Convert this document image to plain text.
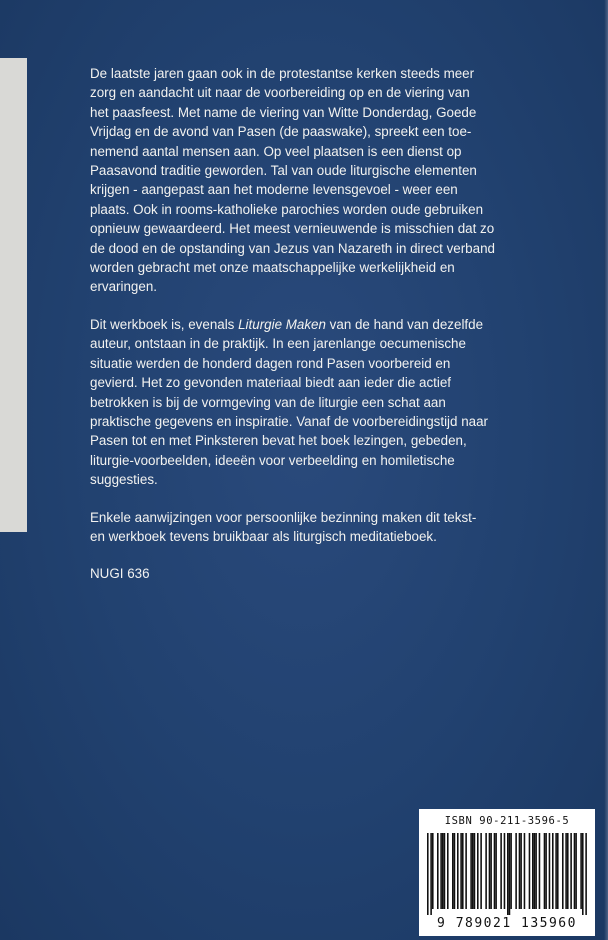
De laatste jaren gaan ook in de protestantse kerken steeds meer

zorg en aandacht uit naar de voorbereiding op en de viering van

het paasfeest. Met name de viering van Witte Donderdag, Goede

Vrijdag en de avond van Pasen (de paaswake), spreekt een toe-

nemend aantal mensen aan. Op veel plaatsen is een dienst op

Paasavond traditie geworden. Tal van oude liturgische elementen

krijgen - aangepast aan het moderne levensgevoel - weer een

plaats. Ook in rooms-katholieke parochies worden oude gebruiken

opnieuw gewaardeerd. Het meest vernieuwende is misschien dat zo

de dood en de opstanding van Jezus van Nazareth in direct verband

worden gebracht met onze maatschappelijke werkelijkheid en

ervaringen.

Dit werkboek is, evenals Liturgie Maken van de hand van dezelfde

auteur, ontstaan in de praktijk. In een jarenlange oecumenische

situatie werden de honderd dagen rond Pasen voorbereid en

gevierd. Het zo gevonden materiaal biedt aan ieder die actief

betrokken is bij de vormgeving van de liturgie een schat aan

praktische gegevens en inspiratie. Vanaf de voorbereidingstijd naar

Pasen tot en met Pinksteren bevat het boek lezingen, gebeden,

liturgie-voorbeelden, ideeën voor verbeelding en homiletische

suggesties.

Enkele aanwijzingen voor persoonlijke bezinning maken dit tekst-

en werkboek tevens bruikbaar als liturgisch meditatieboek.

NUGI 636

ISBN 90-211-3596-5
9 789021 135960
